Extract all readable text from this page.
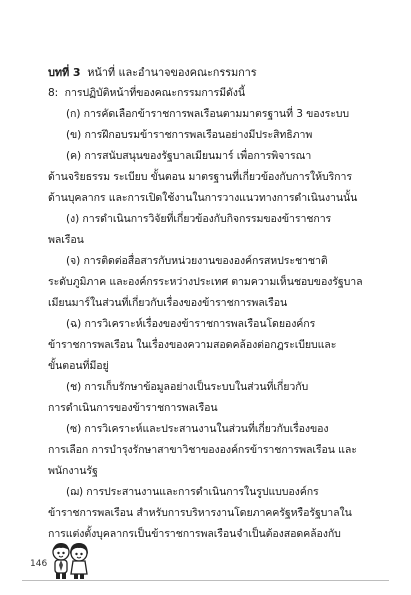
บทที่ 3 หน้าที่ และอำนาจของคณะกรรมการ
8: การปฏิบัติหน้าที่ของคณะกรรมการมีดังนี้
(ก) การคัดเลือกข้าราชการพลเรือนตามมาตรฐานที่ 3 ของระบบ
(ข) การฝึกอบรมข้าราชการพลเรือนอย่างมีประสิทธิภาพ
(ค) การสนับสนุนของรัฐบาลเมียนมาร์ เพื่อการพิจารณา
ด้านจริยธรรม ระเบียบ ขั้นตอน มาตรฐานที่เกี่ยวข้องกับการให้บริการ
ด้านบุคลากร และการเปิดใช้งานในการวางแนวทางการดำเนินงานนั้น
(ง) การดำเนินการวิจัยที่เกี่ยวข้องกับกิจกรรมของข้าราชการ
พลเรือน
(จ) การติดต่อสื่อสารกับหน่วยงานขององค์กรสหประชาชาติ
ระดับภูมิภาค และองค์กรระหว่างประเทศ ตามความเห็นชอบของรัฐบาล
เมียนมาร์ในส่วนที่เกี่ยวกับเรื่องของข้าราชการพลเรือน
(ฉ) การวิเคราะห์เรื่องของข้าราชการพลเรือนโดยองค์กร
ข้าราชการพลเรือน ในเรื่องของความสอดคล้องต่อกฎระเบียบและ
ขั้นตอนที่มีอยู่
(ช) การเก็บรักษาข้อมูลอย่างเป็นระบบในส่วนที่เกี่ยวกับ
การดำเนินการของข้าราชการพลเรือน
(ซ) การวิเคราะห์และประสานงานในส่วนที่เกี่ยวกับเรื่องของ
การเลือก การบำรุงรักษาสาขาวิชาขององค์กรข้าราชการพลเรือน และ
พนักงานรัฐ
(ฌ) การประสานงานและการดำเนินการในรูปแบบองค์กร
ข้าราชการพลเรือน สำหรับการบริหารงานโดยภาคครัฐหรือรัฐบาลใน
การแต่งตั้งบุคลากรเป็นข้าราชการพลเรือนจำเป็นต้องสอดคล้องกับ
146
